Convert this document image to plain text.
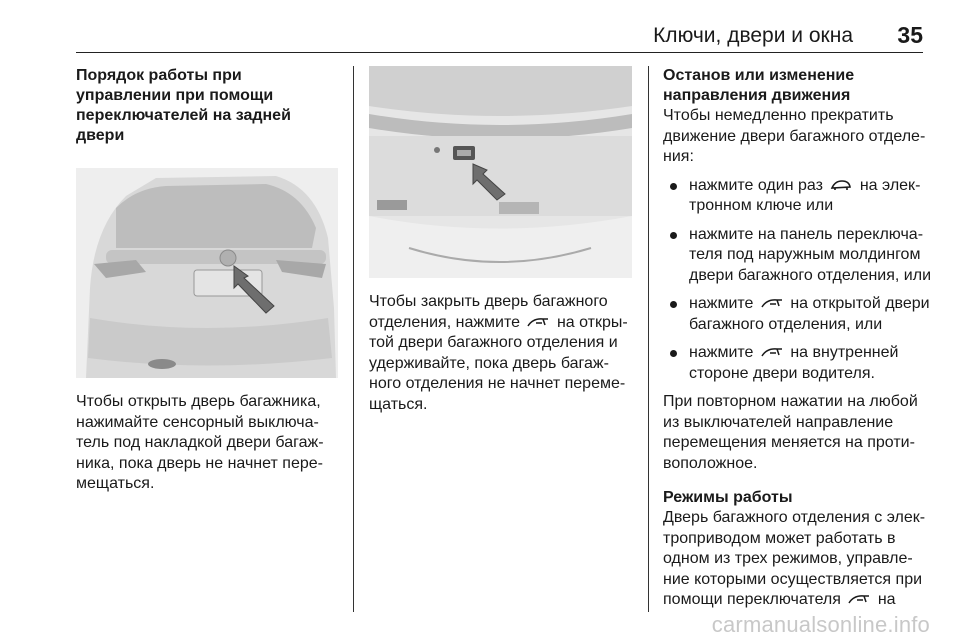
Ключи, двери и окна 35

Порядок работы при управлении при помощи переключателей на задней двери

Чтобы открыть дверь багажника, нажимайте сенсорный выключатель под накладкой двери багажника, пока дверь не начнет перемещаться.

Чтобы закрыть дверь багажного отделения, нажмите на открытой двери багажного отделения и удерживайте, пока дверь багажного отделения не начнет перемещаться.

Останов или изменение направления движения

Чтобы немедленно прекратить движение двери багажного отделения:

нажмите один раз на электронном ключе или
нажмите на панель переключателя под наружным молдингом двери багажного отделения, или
нажмите на открытой двери багажного отделения, или
нажмите на внутренней стороне двери водителя.

При повторном нажатии на любой из выключателей направление перемещения меняется на противоположное.

Режимы работы

Дверь багажного отделения с электроприводом может работать в одном из трех режимов, управление которыми осуществляется при помощи переключателя на

carmanualsonline.info
